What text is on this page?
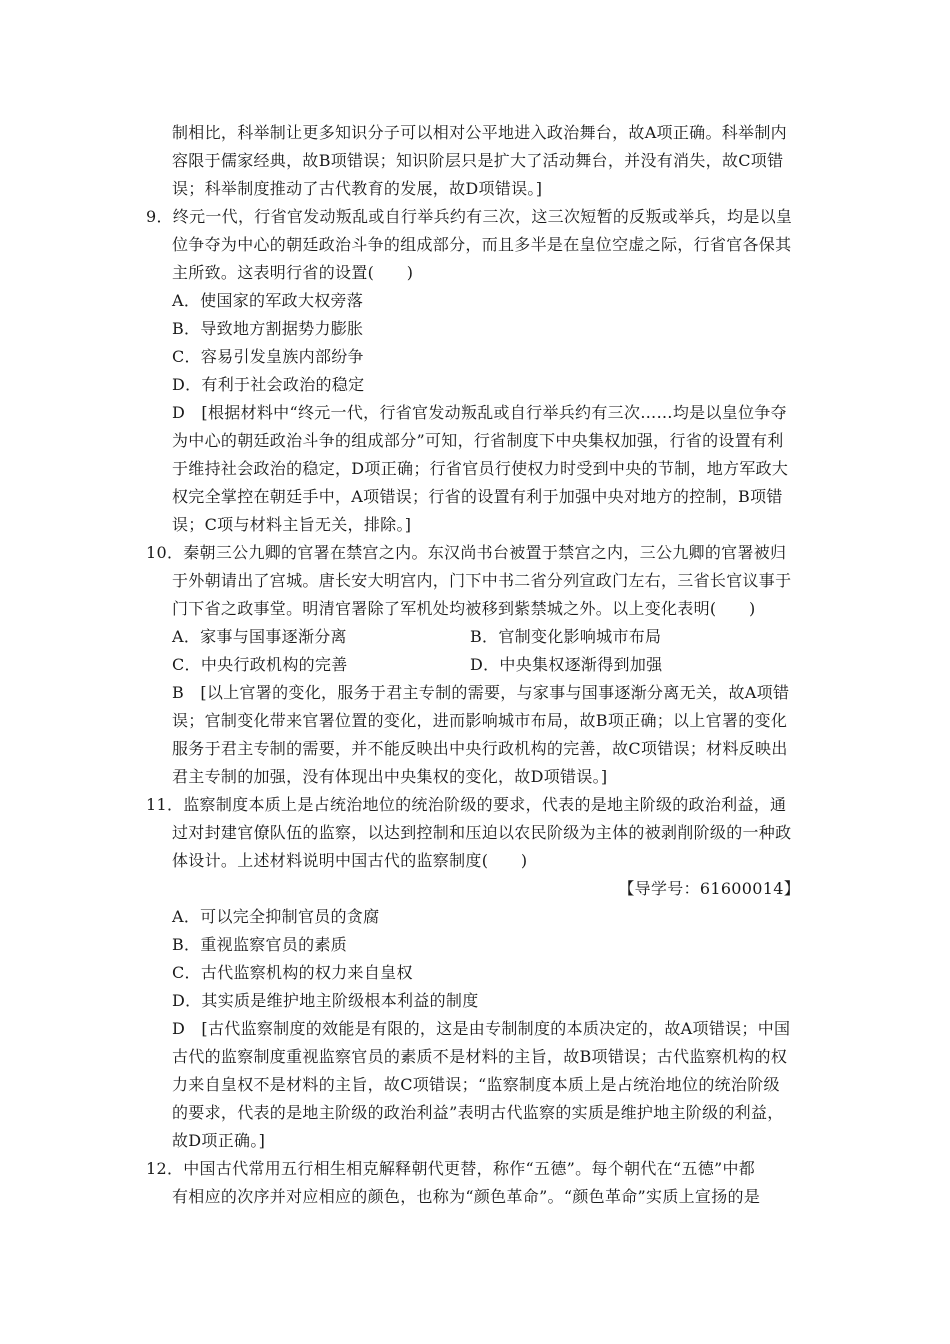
制相比，科举制让更多知识分子可以相对公平地进入政治舞台，故A项正确。科举制内
容限于儒家经典，故B项错误；知识阶层只是扩大了活动舞台，并没有消失，故C项错
误；科举制度推动了古代教育的发展，故D项错误。]
9．终元一代，行省官发动叛乱或自行举兵约有三次，这三次短暂的反叛或举兵，均是以皇
位争夺为中心的朝廷政治斗争的组成部分，而且多半是在皇位空虚之际，行省官各保其
主所致。这表明行省的设置(　　)
A．使国家的军政大权旁落
B．导致地方割据势力膨胀
C．容易引发皇族内部纷争
D．有利于社会政治的稳定
D　[根据材料中“终元一代，行省官发动叛乱或自行举兵约有三次……均是以皇位争夺
为中心的朝廷政治斗争的组成部分”可知，行省制度下中央集权加强，行省的设置有利
于维持社会政治的稳定，D项正确；行省官员行使权力时受到中央的节制，地方军政大
权完全掌控在朝廷手中，A项错误；行省的设置有利于加强中央对地方的控制，B项错
误；C项与材料主旨无关，排除。]
10．秦朝三公九卿的官署在禁宫之内。东汉尚书台被置于禁宫之内，三公九卿的官署被归
于外朝请出了宫城。唐长安大明宫内，门下中书二省分列宣政门左右，三省长官议事于
门下省之政事堂。明清官署除了军机处均被移到紫禁城之外。以上变化表明(　　)
A．家事与国事逐渐分离	B．官制变化影响城市布局
C．中央行政机构的完善	D．中央集权逐渐得到加强
B　[以上官署的变化，服务于君主专制的需要，与家事与国事逐渐分离无关，故A项错
误；官制变化带来官署位置的变化，进而影响城市布局，故B项正确；以上官署的变化
服务于君主专制的需要，并不能反映出中央行政机构的完善，故C项错误；材料反映出
君主专制的加强，没有体现出中央集权的变化，故D项错误。]
11．监察制度本质上是占统治地位的统治阶级的要求，代表的是地主阶级的政治利益，通
过对封建官僚队伍的监察，以达到控制和压迫以农民阶级为主体的被剥削阶级的一种政
体设计。上述材料说明中国古代的监察制度(　　)
【导学号：61600014】
A．可以完全抑制官员的贪腐
B．重视监察官员的素质
C．古代监察机构的权力来自皇权
D．其实质是维护地主阶级根本利益的制度
D　[古代监察制度的效能是有限的，这是由专制制度的本质决定的，故A项错误；中国
古代的监察制度重视监察官员的素质不是材料的主旨，故B项错误；古代监察机构的权
力来自皇权不是材料的主旨，故C项错误；“监察制度本质上是占统治地位的统治阶级
的要求，代表的是地主阶级的政治利益”表明古代监察的实质是维护地主阶级的利益，
故D项正确。]
12．中国古代常用五行相生相克解释朝代更替，称作“五德”。每个朝代在“五德”中都
有相应的次序并对应相应的颜色，也称为“颜色革命”。“颜色革命”实质上宣扬的是
